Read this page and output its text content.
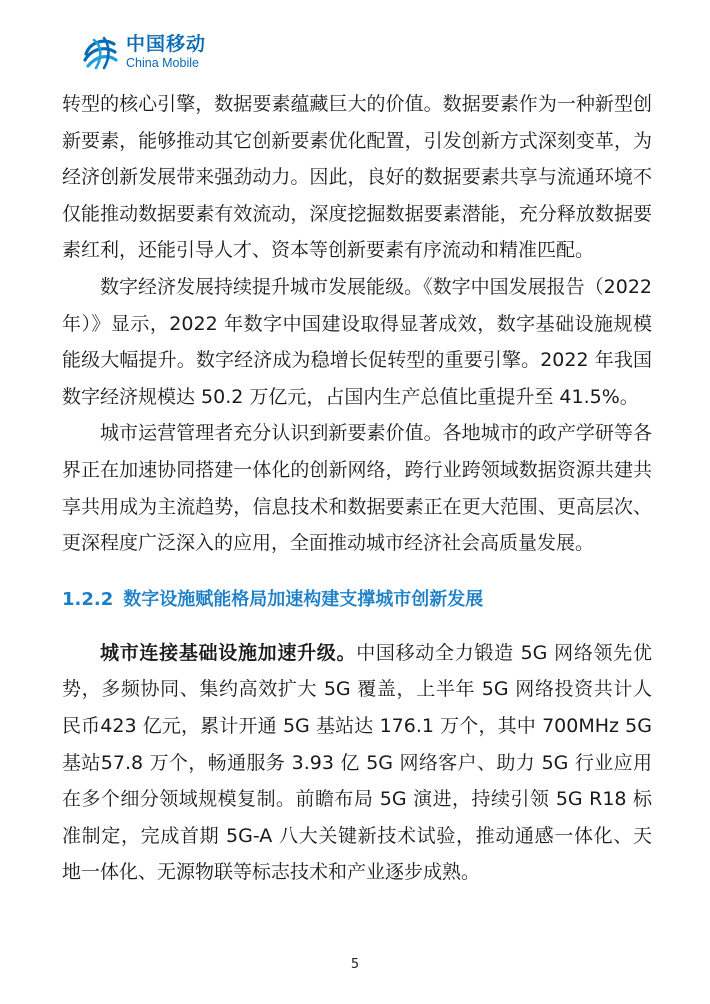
中国移动
China Mobile

转型的核心引擎，数据要素蕴藏巨大的价值。数据要素作为一种新型创新要素，能够推动其它创新要素优化配置，引发创新方式深刻变革，为经济创新发展带来强劲动力。因此，良好的数据要素共享与流通环境不仅能推动数据要素有效流动，深度挖掘数据要素潜能，充分释放数据要素红利，还能引导人才、资本等创新要素有序流动和精准匹配。

数字经济发展持续提升城市发展能级。《数字中国发展报告（2022年）》显示，2022 年数字中国建设取得显著成效，数字基础设施规模能级大幅提升。数字经济成为稳增长促转型的重要引擎。2022 年我国数字经济规模达 50.2 万亿元，占国内生产总值比重提升至 41.5%。

城市运营管理者充分认识到新要素价值。各地城市的政产学研等各界正在加速协同搭建一体化的创新网络，跨行业跨领域数据资源共建共享共用成为主流趋势，信息技术和数据要素正在更大范围、更高层次、更深程度广泛深入的应用，全面推动城市经济社会高质量发展。

1.2.2 数字设施赋能格局加速构建支撑城市创新发展

城市连接基础设施加速升级。中国移动全力锻造 5G 网络领先优势，多频协同、集约高效扩大 5G 覆盖，上半年 5G 网络投资共计人民币423 亿元，累计开通 5G 基站达 176.1 万个，其中 700MHz 5G 基站57.8 万个，畅通服务 3.93 亿 5G 网络客户、助力 5G 行业应用在多个细分领域规模复制。前瞻布局 5G 演进，持续引领 5G R18 标准制定，完成首期 5G-A 八大关键新技术试验，推动通感一体化、天地一体化、无源物联等标志技术和产业逐步成熟。

5
